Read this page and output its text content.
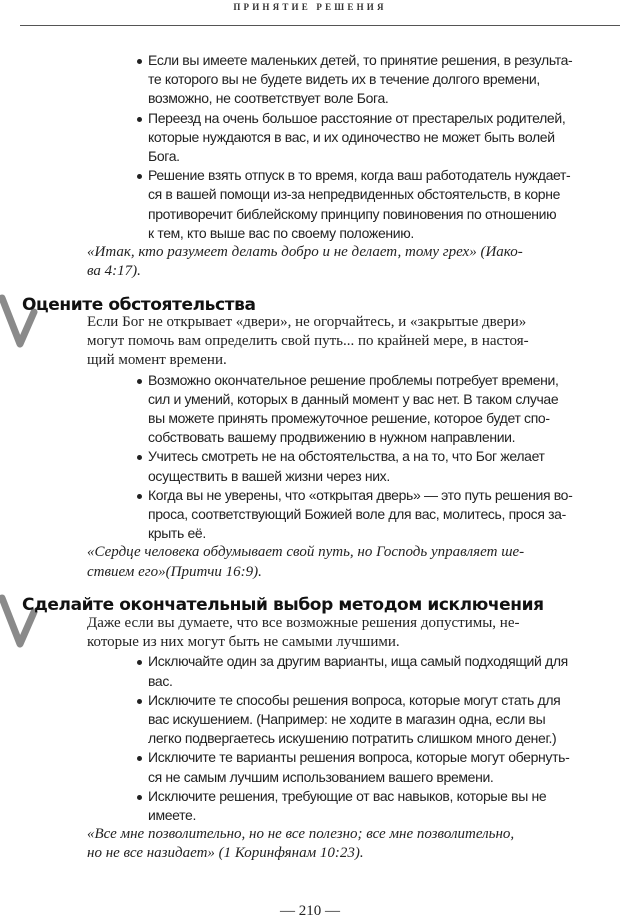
ПРИНЯТИЕ РЕШЕНИЯ
Если вы имеете маленьких детей, то принятие решения, в результа-
те которого вы не будете видеть их в течение долгого времени,
возможно, не соответствует воле Бога.
Переезд на очень большое расстояние от престарелых родителей,
которые нуждаются в вас, и их одиночество не может быть волей
Бога.
Решение взять отпуск в то время, когда ваш работодатель нуждает-
ся в вашей помощи из-за непредвиденных обстоятельств, в корне
противоречит библейскому принципу повиновения по отношению
к тем, кто выше вас по своему положению.
«Итак, кто разумеет делать добро и не делает, тому грех» (Иако-
ва 4:17).
Если Бог не открывает «двери», не огорчайтесь, и «закрытые двери»
могут помочь вам определить свой путь... по крайней мере, в настоя-
щий момент времени.
Возможно окончательное решение проблемы потребует времени,
сил и умений, которых в данный момент у вас нет. В таком случае
вы можете принять промежуточное решение, которое будет спо-
собствовать вашему продвижению в нужном направлении.
Учитесь смотреть не на обстоятельства, а на то, что Бог желает
осуществить в вашей жизни через них.
Когда вы не уверены, что «открытая дверь» — это путь решения во-
проса, соответствующий Божией воле для вас, молитесь, прося за-
крыть её.
«Сердце человека обдумывает свой путь, но Господь управляет ше-
ствием его»(Притчи 16:9).
Даже если вы думаете, что все возможные решения допустимы, не-
которые из них могут быть не самыми лучшими.
Исключайте один за другим варианты, ища самый подходящий для
вас.
Исключите те способы решения вопроса, которые могут стать для
вас искушением. (Например: не ходите в магазин одна, если вы
легко подвергаетесь искушению потратить слишком много денег.)
Исключите те варианты решения вопроса, которые могут обернуть-
ся не самым лучшим использованием вашего времени.
Исключите решения, требующие от вас навыков, которые вы не
имеете.
«Все мне позволительно, но не все полезно; все мне позволительно,
но не все назидает» (1 Коринфянам 10:23).
Оцените обстоятельства
Сделайте окончательный выбор методом исключения
— 210 —
